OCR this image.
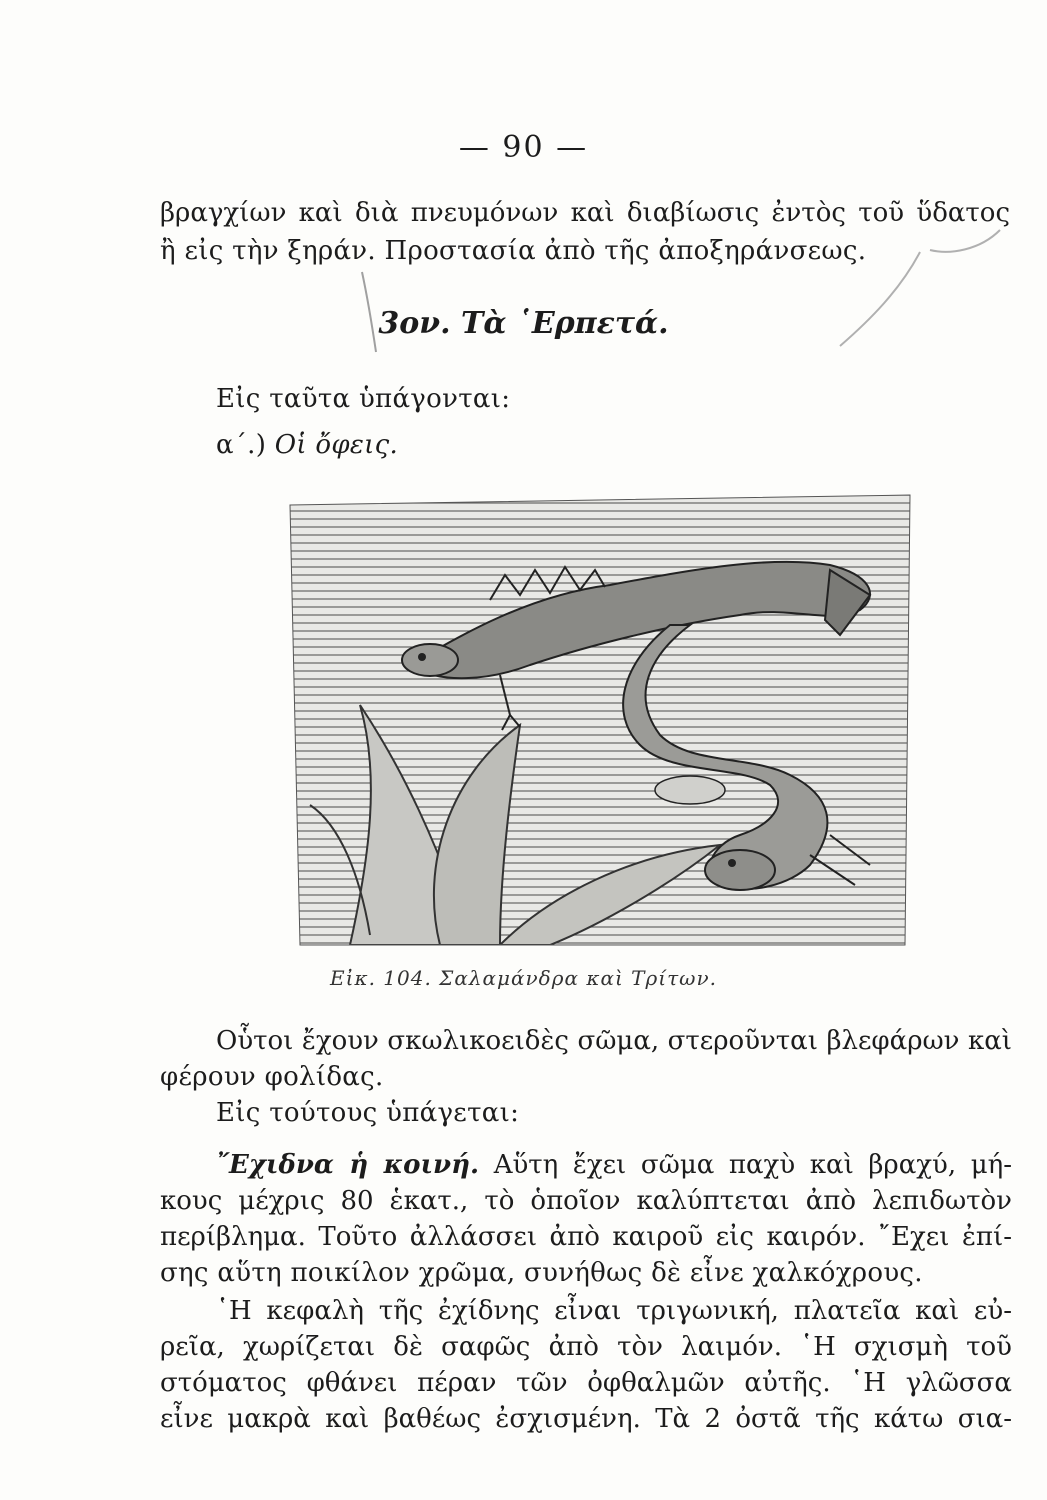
— 90 —
βραγχίων καὶ διὰ πνευμόνων καὶ διαβίωσις ἐντὸς τοῦ ὕδατος
ἢ εἰς τὴν ξηράν. Προστασία ἀπὸ τῆς ἀποξηράνσεως.
3ον. Τὰ ῾Ερπετά.
Εἰς ταῦτα ὑπάγονται:
α΄.) Οἱ ὄφεις.
Εἰκ. 104. Σαλαμάνδρα καὶ Τρίτων.
Οὗτοι ἔχουν σκωλικοειδὲς σῶμα, στεροῦνται βλεφάρων καὶ
φέρουν φολίδας.
Εἰς τούτους ὑπάγεται:
῎Εχιδνα ἡ κοινή. Αὕτη ἔχει σῶμα παχὺ καὶ βραχύ, μή-
κους μέχρις 80 ἑκατ., τὸ ὁποῖον καλύπτεται ἀπὸ λεπιδωτὸν
περίβλημα. Τοῦτο ἀλλάσσει ἀπὸ καιροῦ εἰς καιρόν. ῎Εχει ἐπί-
σης αὕτη ποικίλον χρῶμα, συνήθως δὲ εἶνε χαλκόχρους.
῾Η κεφαλὴ τῆς ἐχίδνης εἶναι τριγωνική, πλατεῖα καὶ εὐ-
ρεῖα, χωρίζεται δὲ σαφῶς ἀπὸ τὸν λαιμόν. ῾Η σχισμὴ τοῦ
στόματος φθάνει πέραν τῶν ὀφθαλμῶν αὐτῆς. ῾Η γλῶσσα
εἶνε μακρὰ καὶ βαθέως ἐσχισμένη. Τὰ 2 ὀστᾶ τῆς κάτω σια-
